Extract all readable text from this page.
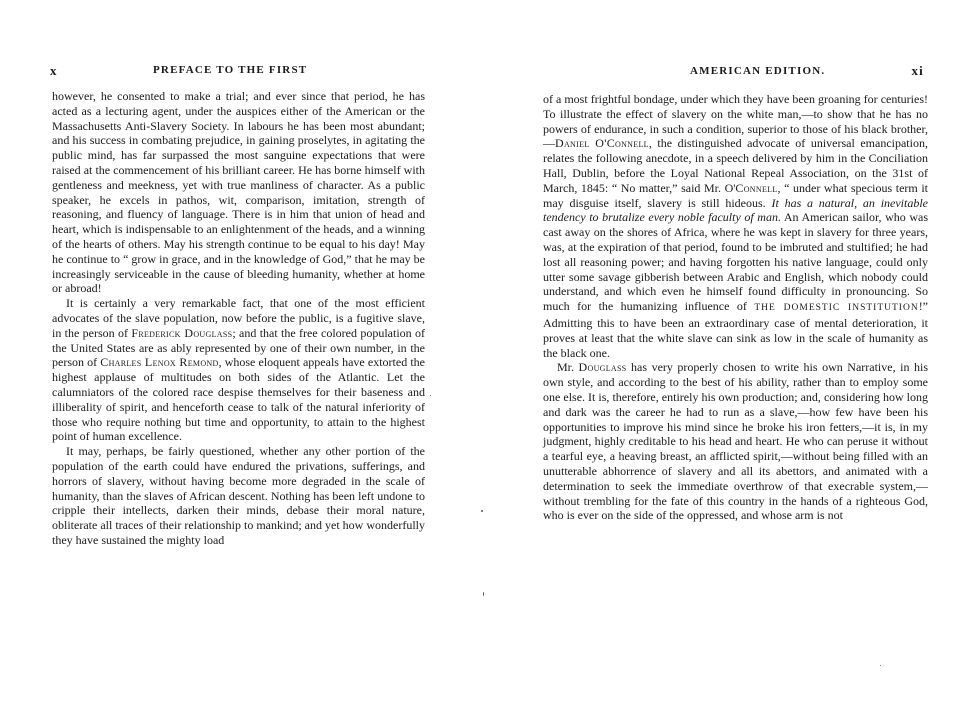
x	PREFACE TO THE FIRST

however, he consented to make a trial; and ever since that period, he has acted as a lecturing agent, under the auspices either of the American or the Massachusetts Anti-Slavery Society. In labours he has been most abundant; and his success in combating prejudice, in gaining proselytes, in agitating the public mind, has far surpassed the most sanguine expectations that were raised at the commencement of his brilliant career. He has borne himself with gentleness and meekness, yet with true manliness of character. As a public speaker, he excels in pathos, wit, comparison, imitation, strength of reasoning, and fluency of language. There is in him that union of head and heart, which is indispensable to an enlightenment of the heads, and a winning of the hearts of others. May his strength continue to be equal to his day! May he continue to “ grow in grace, and in the knowledge of God,” that he may be increasingly serviceable in the cause of bleeding humanity, whether at home or abroad!

It is certainly a very remarkable fact, that one of the most efficient advocates of the slave population, now before the public, is a fugitive slave, in the person of Frederick Douglass; and that the free colored population of the United States are as ably represented by one of their own number, in the person of Charles Lenox Remond, whose eloquent appeals have extorted the highest applause of multitudes on both sides of the Atlantic. Let the calumniators of the colored race despise themselves for their baseness and illiberality of spirit, and henceforth cease to talk of the natural inferiority of those who require nothing but time and opportunity, to attain to the highest point of human excellence.

It may, perhaps, be fairly questioned, whether any other portion of the population of the earth could have endured the privations, sufferings, and horrors of slavery, without having become more degraded in the scale of humanity, than the slaves of African descent. Nothing has been left undone to cripple their intellects, darken their minds, debase their moral nature, obliterate all traces of their relationship to mankind; and yet how wonderfully they have sustained the mighty load

AMERICAN EDITION.	xi

of a most frightful bondage, under which they have been groaning for centuries! To illustrate the effect of slavery on the white man,—to show that he has no powers of endurance, in such a condition, superior to those of his black brother,—Daniel O'Connell, the distinguished advocate of universal emancipation, relates the following anecdote, in a speech delivered by him in the Conciliation Hall, Dublin, before the Loyal National Repeal Association, on the 31st of March, 1845: “ No matter,” said Mr. O'Connell, “ under what specious term it may disguise itself, slavery is still hideous. It has a natural, an inevitable tendency to brutalize every noble faculty of man. An American sailor, who was cast away on the shores of Africa, where he was kept in slavery for three years, was, at the expiration of that period, found to be imbruted and stultified; he had lost all reasoning power; and having forgotten his native language, could only utter some savage gibberish between Arabic and English, which nobody could understand, and which even he himself found difficulty in pronouncing. So much for the humanizing influence of THE DOMESTIC INSTITUTION!” Admitting this to have been an extraordinary case of mental deterioration, it proves at least that the white slave can sink as low in the scale of humanity as the black one.

Mr. Douglass has very properly chosen to write his own Narrative, in his own style, and according to the best of his ability, rather than to employ some one else. It is, therefore, entirely his own production; and, considering how long and dark was the career he had to run as a slave,—how few have been his opportunities to improve his mind since he broke his iron fetters,—it is, in my judgment, highly creditable to his head and heart. He who can peruse it without a tearful eye, a heaving breast, an afflicted spirit,—without being filled with an unutterable abhorrence of slavery and all its abettors, and animated with a determination to seek the immediate overthrow of that execrable system,—without trembling for the fate of this country in the hands of a righteous God, who is ever on the side of the oppressed, and whose arm is not
